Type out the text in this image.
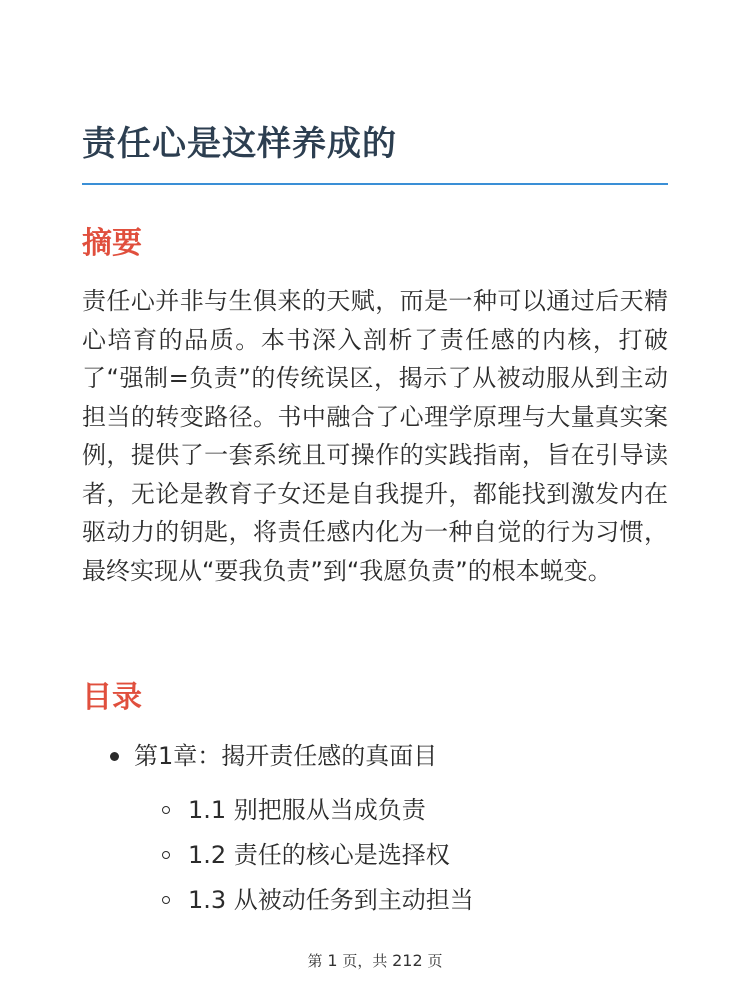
责任心是这样养成的
摘要

责任心并非与生俱来的天赋，而是一种可以通过后天精心培育的品质。本书深入剖析了责任感的内核，打破了“强制=负责”的传统误区，揭示了从被动服从到主动担当的转变路径。书中融合了心理学原理与大量真实案例，提供了一套系统且可操作的实践指南，旨在引导读者，无论是教育子女还是自我提升，都能找到激发内在驱动力的钥匙，将责任感内化为一种自觉的行为习惯，最终实现从“要我负责”到“我愿负责”的根本蜕变。

目录
第1章：揭开责任感的真面目
1.1 别把服从当成负责
1.2 责任的核心是选择权
1.3 从被动任务到主动担当
第 1 页，共 212 页
